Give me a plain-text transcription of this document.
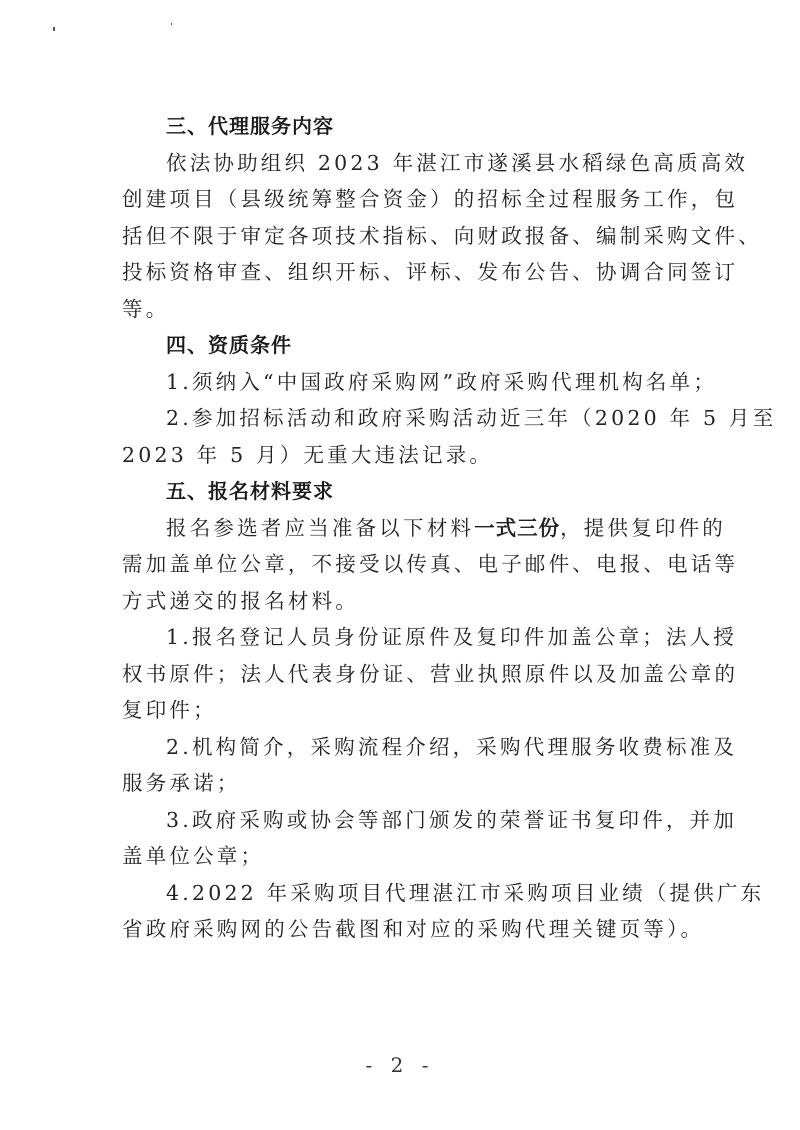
三、代理服务内容
依法协助组织 2023 年湛江市遂溪县水稻绿色高质高效
创建项目（县级统筹整合资金）的招标全过程服务工作，包
括但不限于审定各项技术指标、向财政报备、编制采购文件、
投标资格审查、组织开标、评标、发布公告、协调合同签订
等。
四、资质条件
1.须纳入“中国政府采购网”政府采购代理机构名单；
2.参加招标活动和政府采购活动近三年（2020 年 5 月至
2023 年 5 月）无重大违法记录。
五、报名材料要求
报名参选者应当准备以下材料一式三份，提供复印件的
需加盖单位公章，不接受以传真、电子邮件、电报、电话等
方式递交的报名材料。
1.报名登记人员身份证原件及复印件加盖公章；法人授
权书原件；法人代表身份证、营业执照原件以及加盖公章的
复印件；
2.机构简介，采购流程介绍，采购代理服务收费标准及
服务承诺；
3.政府采购或协会等部门颁发的荣誉证书复印件，并加
盖单位公章；
4.2022 年采购项目代理湛江市采购项目业绩（提供广东
省政府采购网的公告截图和对应的采购代理关键页等）。
- 2 -
